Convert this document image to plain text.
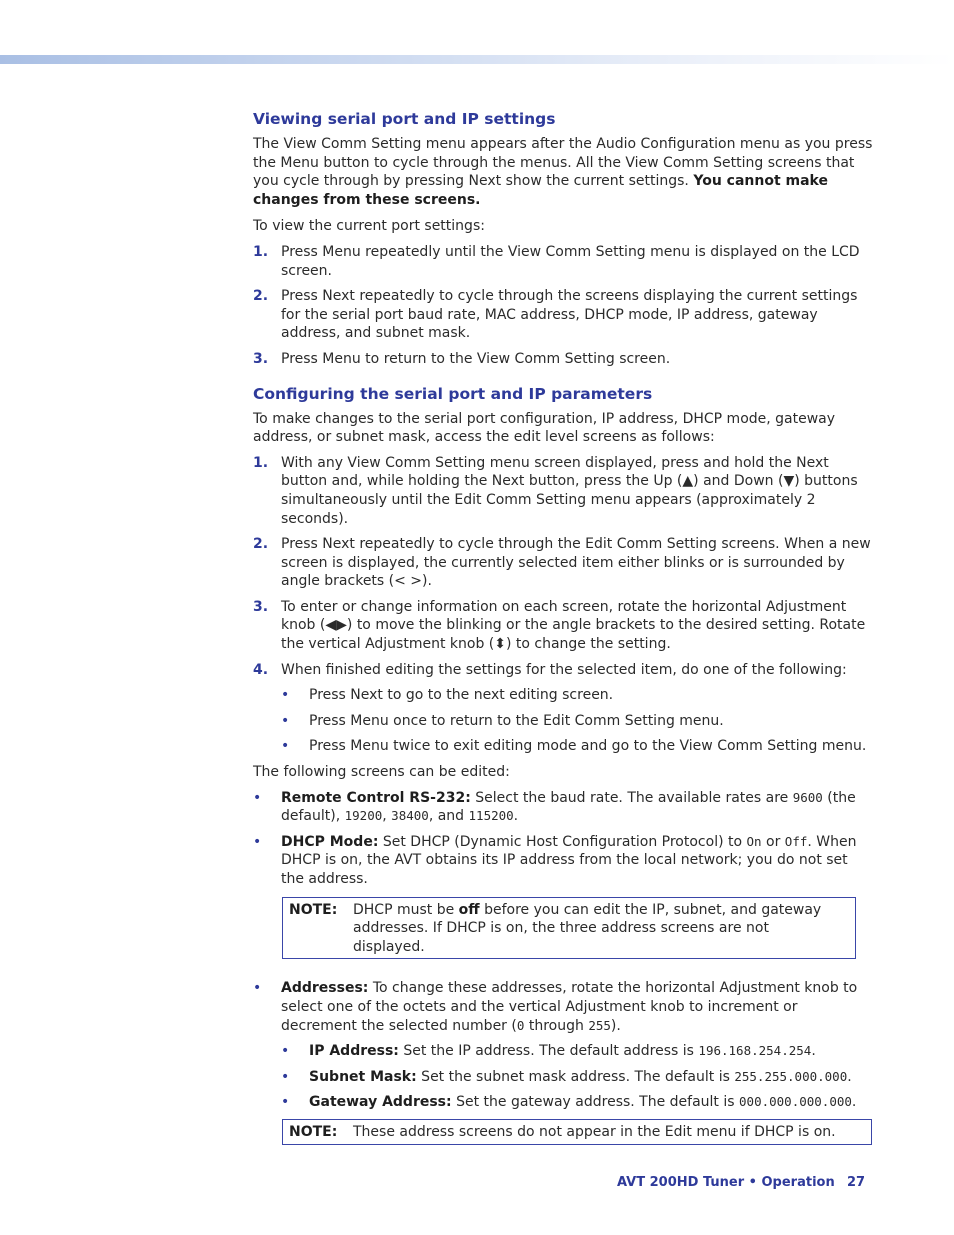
Viewing serial port and IP settings

The View Comm Setting menu appears after the Audio Configuration menu as you press the Menu button to cycle through the menus. All the View Comm Setting screens that you cycle through by pressing Next show the current settings. You cannot make changes from these screens.

To view the current port settings:

1. Press Menu repeatedly until the View Comm Setting menu is displayed on the LCD screen.
2. Press Next repeatedly to cycle through the screens displaying the current settings for the serial port baud rate, MAC address, DHCP mode, IP address, gateway address, and subnet mask.
3. Press Menu to return to the View Comm Setting screen.
Configuring the serial port and IP parameters

To make changes to the serial port configuration, IP address, DHCP mode, gateway address, or subnet mask, access the edit level screens as follows:

1. With any View Comm Setting menu screen displayed, press and hold the Next button and, while holding the Next button, press the Up (▲) and Down (▼) buttons simultaneously until the Edit Comm Setting menu appears (approximately 2 seconds).
2. Press Next repeatedly to cycle through the Edit Comm Setting screens. When a new screen is displayed, the currently selected item either blinks or is surrounded by angle brackets (< >).
3. To enter or change information on each screen, rotate the horizontal Adjustment knob (◀▶) to move the blinking or the angle brackets to the desired setting. Rotate the vertical Adjustment knob (⬍) to change the setting.
4. When finished editing the settings for the selected item, do one of the following:
• Press Next to go to the next editing screen.
• Press Menu once to return to the Edit Comm Setting menu.
• Press Menu twice to exit editing mode and go to the View Comm Setting menu.

The following screens can be edited:

• Remote Control RS-232: Select the baud rate. The available rates are 9600 (the default), 19200, 38400, and 115200.
• DHCP Mode: Set DHCP (Dynamic Host Configuration Protocol) to On or Off. When DHCP is on, the AVT obtains its IP address from the local network; you do not set the address.
NOTE: DHCP must be off before you can edit the IP, subnet, and gateway addresses. If DHCP is on, the three address screens are not displayed.
• Addresses: To change these addresses, rotate the horizontal Adjustment knob to select one of the octets and the vertical Adjustment knob to increment or decrement the selected number (0 through 255).
• IP Address: Set the IP address. The default address is 196.168.254.254.
• Subnet Mask: Set the subnet mask address. The default is 255.255.000.000.
• Gateway Address: Set the gateway address. The default is 000.000.000.000.
NOTE: These address screens do not appear in the Edit menu if DHCP is on.
AVT 200HD Tuner • Operation 27
